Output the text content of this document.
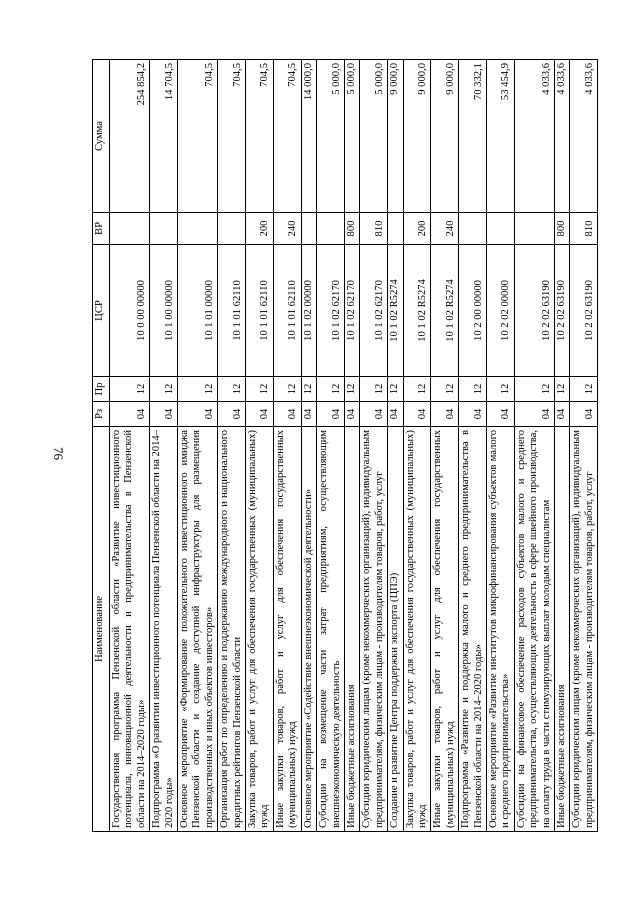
76
Наименование	Рз	Пр	ЦСР	ВР	Сумма
Государственная программа Пензенской области «Развитие инвестиционного потенциала, инновационной деятельности и предпринимательства в Пензенской области на 2014–2020 годы»	04	12	10 0 00 00000		254 854,2
Подпрограмма «О развитии инвестиционного потенциала Пензенской области на 2014–2020 годы»	04	12	10 1 00 00000		14 704,5
Основное мероприятие «Формирование положительного инвестиционного имиджа Пензенской области и создание доступной инфраструктуры для размещения производственных и иных объектов инвесторов»	04	12	10 1 01 00000		704,5
Организация работ по определению и поддержанию международного и национального кредитных рейтингов Пензенской области	04	12	10 1 01 62110		704,5
Закупка товаров, работ и услуг для обеспечения государственных (муниципальных) нужд	04	12	10 1 01 62110	200	704,5
Иные закупки товаров, работ и услуг для обеспечения государственных (муниципальных) нужд	04	12	10 1 01 62110	240	704,5
Основное мероприятие «Содействие внешнеэкономической деятельности»	04	12	10 1 02 00000		14 000,0
Субсидии на возмещение части затрат предприятиям, осуществляющим внешнеэкономическую деятельность	04	12	10 1 02 62170		5 000,0
Иные бюджетные ассигнования	04	12	10 1 02 62170	800	5 000,0
Субсидии юридическим лицам (кроме некоммерческих организаций), индивидуальным предпринимателям, физическим лицам - производителям товаров, работ, услуг	04	12	10 1 02 62170	810	5 000,0
Создание и развитие Центра поддержки экспорта (ЦПЭ)	04	12	10 1 02 R5274		9 000,0
Закупка товаров, работ и услуг для обеспечения государственных (муниципальных) нужд	04	12	10 1 02 R5274	200	9 000,0
Иные закупки товаров, работ и услуг для обеспечения государственных (муниципальных) нужд	04	12	10 1 02 R5274	240	9 000,0
Подпрограмма «Развитие и поддержка малого и среднего предпринимательства в Пензенской области на 2014–2020 годы»	04	12	10 2 00 00000		70 332,1
Основное мероприятие «Развитие институтов микрофинансирования субъектов малого и среднего предпринимательства»	04	12	10 2 02 00000		53 454,9
Субсидии на финансовое обеспечение расходов субъектов малого и среднего предпринимательства, осуществляющих деятельность в сфере швейного производства, на оплату труда в части стимулирующих выплат молодым специалистам	04	12	10 2 02 63190		4 033,6
Иные бюджетные ассигнования	04	12	10 2 02 63190	800	4 033,6
Субсидии юридическим лицам (кроме некоммерческих организаций), индивидуальным предпринимателям, физическим лицам - производителям товаров, работ, услуг	04	12	10 2 02 63190	810	4 033,6
